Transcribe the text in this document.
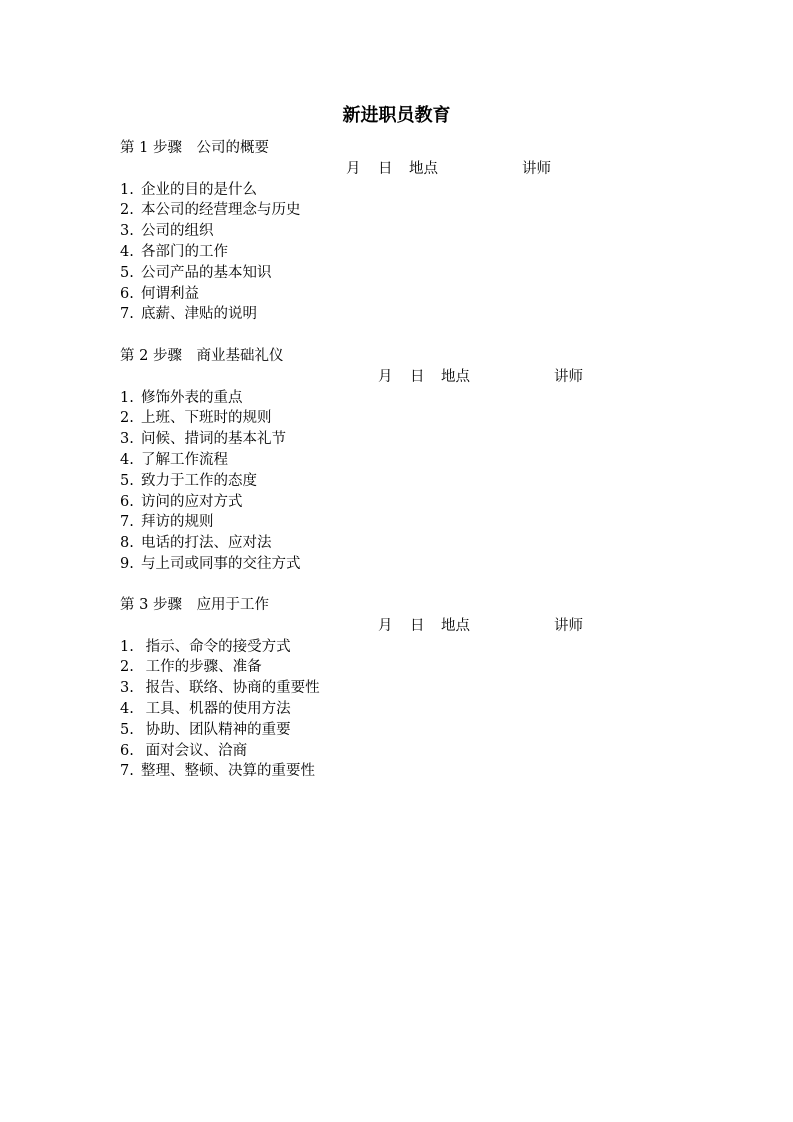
新进职员教育
第 1 步骤　 公司的概要
月 日 地点	讲师
1. 企业的目的是什么
2. 本公司的经营理念与历史
3. 公司的组织
4. 各部门的工作
5. 公司产品的基本知识
6. 何谓利益
7. 底薪、津贴的说明
第 2 步骤　 商业基础礼仪
月 日 地点	讲师
1. 修饰外表的重点
2. 上班、下班时的规则
3. 问候、措词的基本礼节
4. 了解工作流程
5. 致力于工作的态度
6. 访问的应对方式
7. 拜访的规则
8. 电话的打法、应对法
9. 与上司或同事的交往方式
第 3 步骤　 应用于工作
月 日 地点	讲师
1. 指示、命令的接受方式
2. 工作的步骤、准备
3. 报告、联络、协商的重要性
4. 工具、机器的使用方法
5. 协助、团队精神的重要
6. 面对会议、洽商
7. 整理、整顿、决算的重要性
